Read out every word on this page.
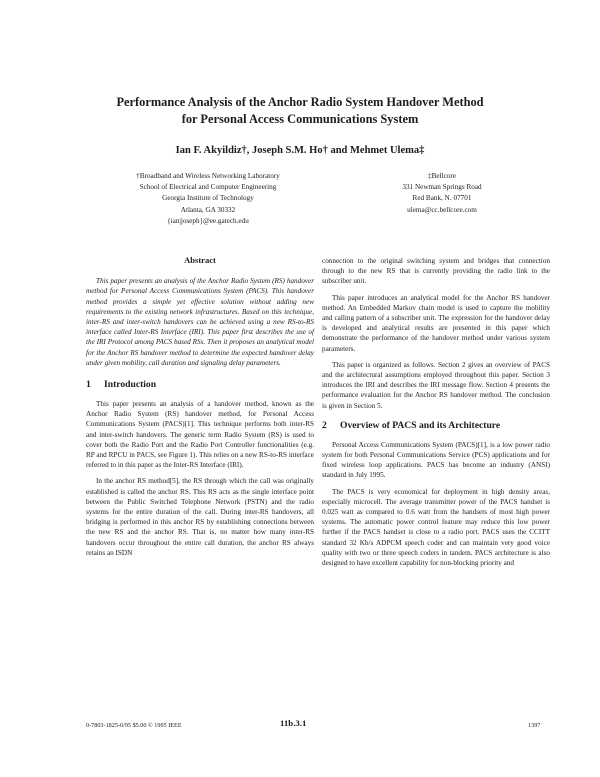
Performance Analysis of the Anchor Radio System Handover Method
for Personal Access Communications System
Ian F. Akyildiz†, Joseph S.M. Ho† and Mehmet Ulema‡
†Broadband and Wireless Networking Laboratory
School of Electrical and Computer Engineering
Georgia Institute of Technology
Atlanta, GA 30332
{ian|joseph}@ee.gatech.edu
‡Bellcore
331 Newman Springs Road
Red Bank, N. 07701
ulema@cc.bellcore.com
Abstract

This paper presents an analysis of the Anchor Radio System (RS) handover method for Personal Access Communications System (PACS). This handover method provides a simple yet effective solution without adding new requirements to the existing network infrastructures. Based on this technique, inter-RS and inter-switch handovers can be achieved using a new RS-to-RS interface called Inter-RS Interface (IRI). This paper first describes the use of the IRI Protocol among PACS based RSs. Then it proposes an analytical model for the Anchor RS handover method to determine the expected handover delay under given mobility, call duration and signaling delay parameters.

1 Introduction

This paper presents an analysis of a handover method, known as the Anchor Radio System (RS) handover method, for Personal Access Communications System (PACS)[1]. This technique performs both inter-RS and inter-switch handovers. The generic term Radio System (RS) is used to cover both the Radio Port and the Radio Port Controller functionalities (e.g. RP and RPCU in PACS, see Figure 1). This relies on a new RS-to-RS interface referred to in this paper as the Inter-RS Interface (IRI).

In the anchor RS method[5], the RS through which the call was originally established is called the anchor RS. This RS acts as the single interface point between the Public Switched Telephone Network (PSTN) and the radio systems for the entire duration of the call. During inter-RS handovers, all bridging is performed in this anchor RS by establishing connections between the new RS and the anchor RS. That is, no matter how many inter-RS handovers occur throughout the entire call duration, the anchor RS always retains an ISDN

connection to the original switching system and bridges that connection through to the new RS that is currently providing the radio link to the subscriber unit.

This paper introduces an analytical model for the Anchor RS handover method. An Embedded Markov chain model is used to capture the mobility and calling pattern of a subscriber unit. The expression for the handover delay is developed and analytical results are presented in this paper which demonstrate the performance of the handover method under various system parameters.

This paper is organized as follows. Section 2 gives an overview of PACS and the architectural assumptions employed throughout this paper. Section 3 introduces the IRI and describes the IRI message flow. Section 4 presents the performance evaluation for the Anchor RS handover method. The conclusion is given in Section 5.

2 Overview of PACS and its Architecture

Personal Access Communications System (PACS)[1], is a low power radio system for both Personal Communications Service (PCS) applications and for fixed wireless loop applications. PACS has become an industry (ANSI) standard in July 1995.

The PACS is very economical for deployment in high density areas, especially microcell. The average transmitter power of the PACS handset is 0.025 watt as compared to 0.6 watt from the handsets of most high power systems. The automatic power control feature may reduce this low power further if the PACS handset is close to a radio port. PACS uses the CCITT standard 32 Kb/s ADPCM speech coder and can maintain very good voice quality with two or three speech coders in tandem. PACS architecture is also designed to have excellent capability for non-blocking priority and

0-7803-1825-0/95 $5.00 © 1995 IEEE	11b.3.1	1397
